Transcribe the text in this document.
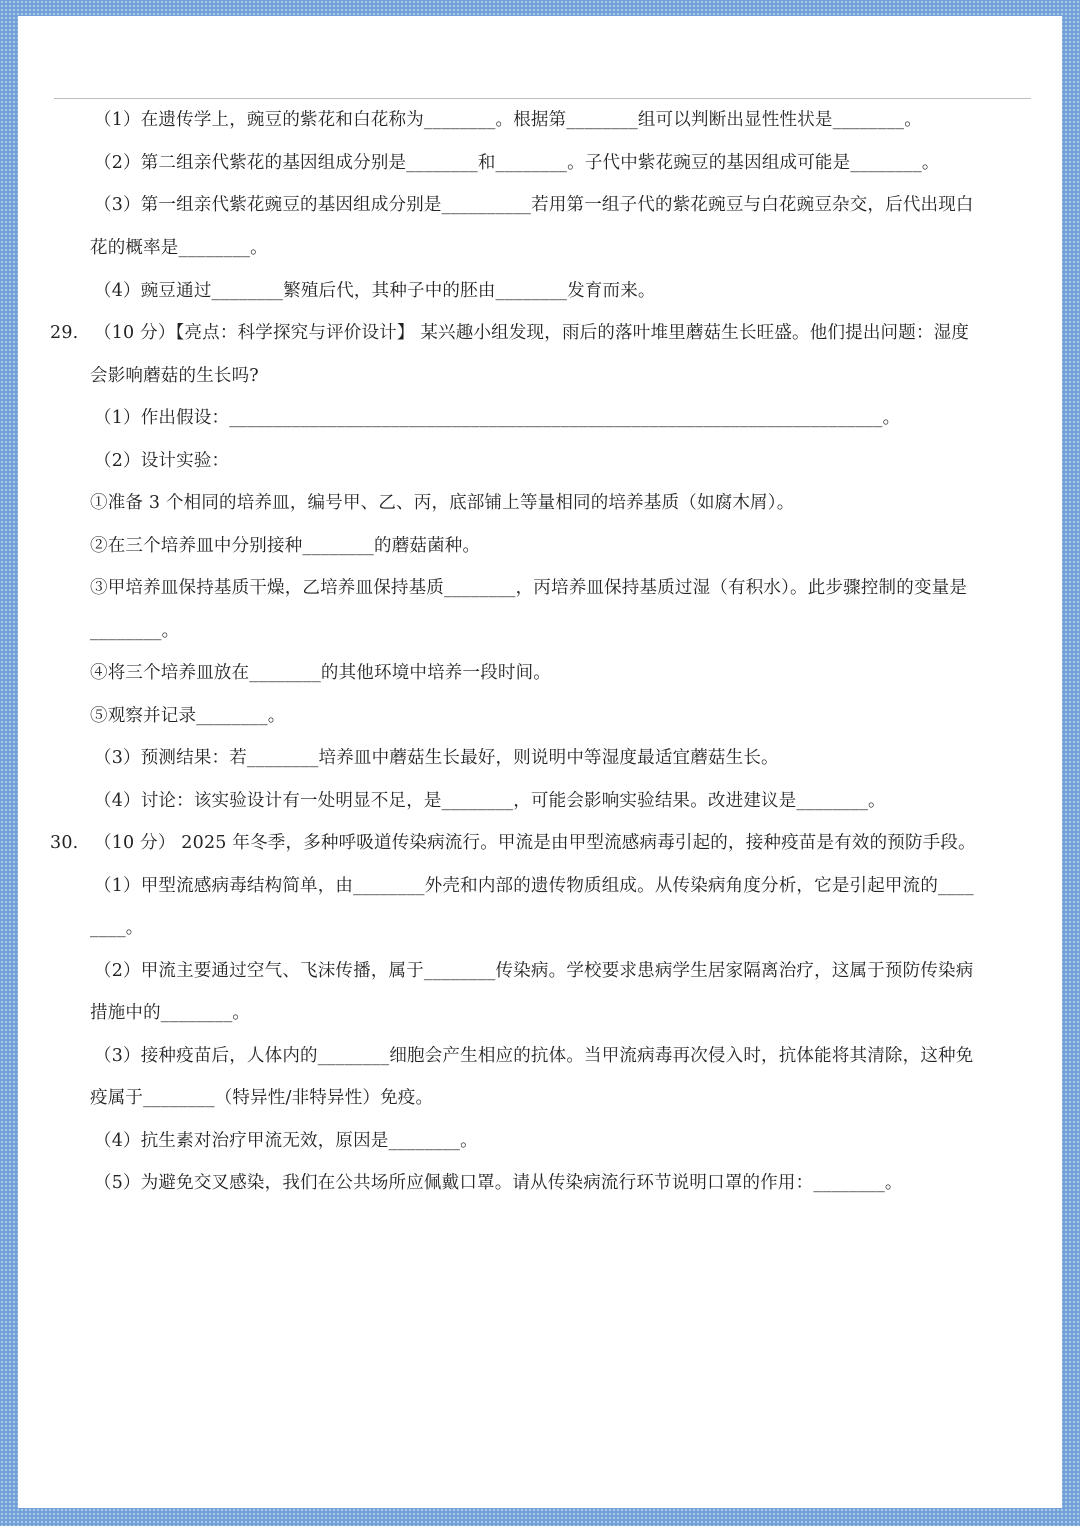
（1）在遗传学上，豌豆的紫花和白花称为________。根据第________组可以判断出显性性状是________。
（2）第二组亲代紫花的基因组成分别是________和________。子代中紫花豌豆的基因组成可能是________。
（3）第一组亲代紫花豌豆的基因组成分别是__________若用第一组子代的紫花豌豆与白花豌豆杂交，后代出现白
花的概率是________。
（4）豌豆通过________繁殖后代，其种子中的胚由________发育而来。
29. （10 分）【亮点：科学探究与评价设计】 某兴趣小组发现，雨后的落叶堆里蘑菇生长旺盛。他们提出问题：湿度
会影响蘑菇的生长吗?
（1）作出假设：_________________________________________________________________________。
（2）设计实验：
①准备 3 个相同的培养皿，编号甲、乙、丙，底部铺上等量相同的培养基质（如腐木屑）。
②在三个培养皿中分别接种________的蘑菇菌种。
③甲培养皿保持基质干燥，乙培养皿保持基质________，丙培养皿保持基质过湿（有积水）。此步骤控制的变量是
________。
④将三个培养皿放在________的其他环境中培养一段时间。
⑤观察并记录________。
（3）预测结果：若________培养皿中蘑菇生长最好，则说明中等湿度最适宜蘑菇生长。
（4）讨论：该实验设计有一处明显不足，是________，可能会影响实验结果。改进建议是________。
30. （10 分） 2025 年冬季，多种呼吸道传染病流行。甲流是由甲型流感病毒引起的，接种疫苗是有效的预防手段。
（1）甲型流感病毒结构简单，由________外壳和内部的遗传物质组成。从传染病角度分析，它是引起甲流的____
____。
（2）甲流主要通过空气、飞沫传播，属于________传染病。学校要求患病学生居家隔离治疗，这属于预防传染病
措施中的________。
（3）接种疫苗后，人体内的________细胞会产生相应的抗体。当甲流病毒再次侵入时，抗体能将其清除，这种免
疫属于________（特异性/非特异性）免疫。
（4）抗生素对治疗甲流无效，原因是________。
（5）为避免交叉感染，我们在公共场所应佩戴口罩。请从传染病流行环节说明口罩的作用：________。
